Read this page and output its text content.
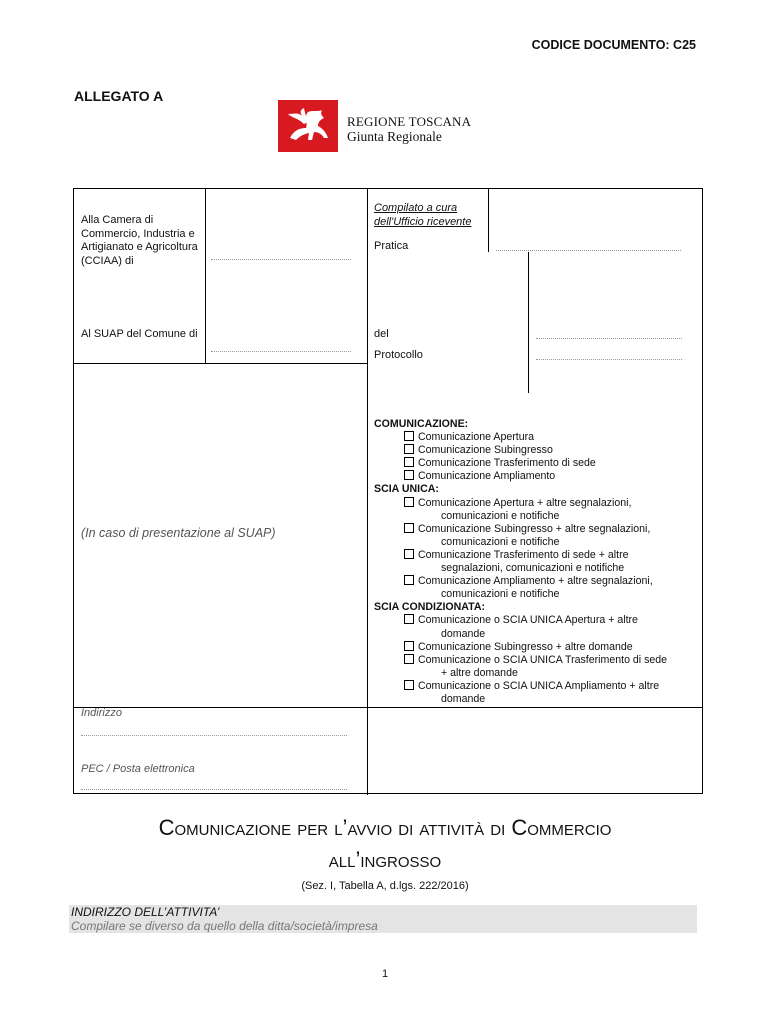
CODICE DOCUMENTO: C25
ALLEGATO A
REGIONE TOSCANA
Giunta Regionale
Alla Camera di Commercio, Industria e Artigianato e Agricoltura (CCIAA) di
Compilato a cura dell'Ufficio ricevente
Pratica
Al SUAP del Comune di	del
Protocollo
(In caso di presentazione al SUAP)
Indirizzo
PEC / Posta elettronica
COMUNICAZIONE:
Comunicazione Apertura
Comunicazione Subingresso
Comunicazione Trasferimento di sede
Comunicazione Ampliamento
SCIA UNICA:
Comunicazione Apertura + altre segnalazioni,
comunicazioni e notifiche
Comunicazione Subingresso + altre segnalazioni,
comunicazioni e notifiche
Comunicazione Trasferimento di sede + altre
segnalazioni, comunicazioni e notifiche
Comunicazione Ampliamento + altre segnalazioni,
comunicazioni e notifiche
SCIA CONDIZIONATA:
Comunicazione o SCIA UNICA Apertura + altre
domande
Comunicazione Subingresso + altre domande
Comunicazione o SCIA UNICA Trasferimento di sede
+ altre domande
Comunicazione o SCIA UNICA Ampliamento + altre
domande
Comunicazione per l’avvio di attività di Commercio
all’ingrosso
(Sez. I, Tabella A, d.lgs. 222/2016)
INDIRIZZO DELL’ATTIVITA’
Compilare se diverso da quello della ditta/società/impresa
1
